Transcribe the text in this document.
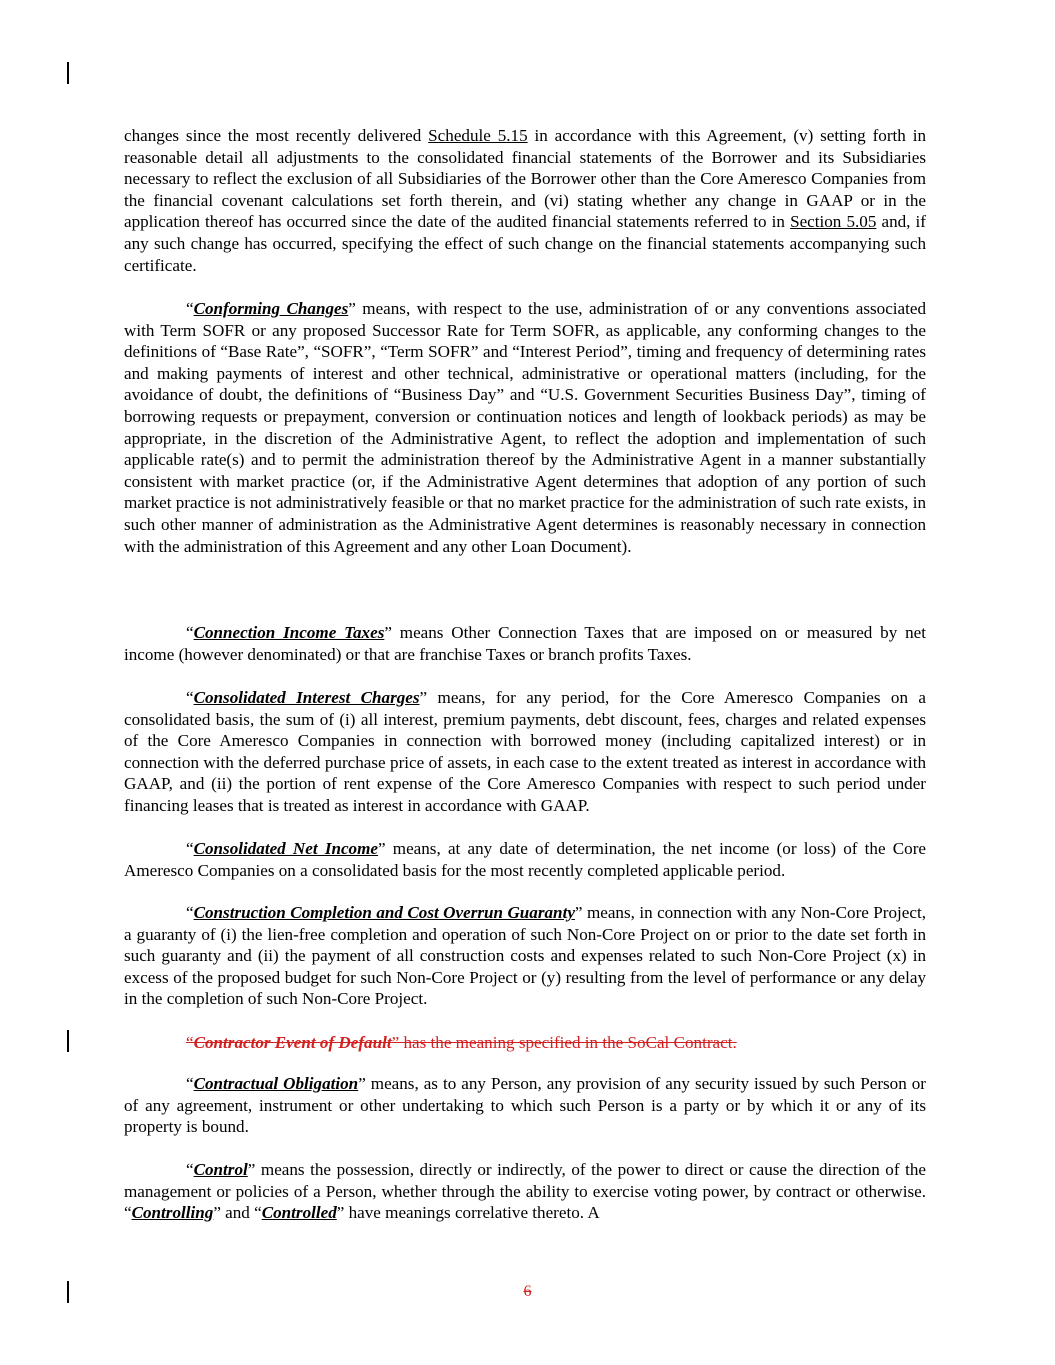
changes since the most recently delivered Schedule 5.15 in accordance with this Agreement, (v) setting forth in reasonable detail all adjustments to the consolidated financial statements of the Borrower and its Subsidiaries necessary to reflect the exclusion of all Subsidiaries of the Borrower other than the Core Ameresco Companies from the financial covenant calculations set forth therein, and (vi) stating whether any change in GAAP or in the application thereof has occurred since the date of the audited financial statements referred to in Section 5.05 and, if any such change has occurred, specifying the effect of such change on the financial statements accompanying such certificate.

“Conforming Changes” means, with respect to the use, administration of or any conventions associated with Term SOFR or any proposed Successor Rate for Term SOFR, as applicable, any conforming changes to the definitions of “Base Rate”, “SOFR”, “Term SOFR” and “Interest Period”, timing and frequency of determining rates and making payments of interest and other technical, administrative or operational matters (including, for the avoidance of doubt, the definitions of “Business Day” and “U.S. Government Securities Business Day”, timing of borrowing requests or prepayment, conversion or continuation notices and length of lookback periods) as may be appropriate, in the discretion of the Administrative Agent, to reflect the adoption and implementation of such applicable rate(s) and to permit the administration thereof by the Administrative Agent in a manner substantially consistent with market practice (or, if the Administrative Agent determines that adoption of any portion of such market practice is not administratively feasible or that no market practice for the administration of such rate exists, in such other manner of administration as the Administrative Agent determines is reasonably necessary in connection with the administration of this Agreement and any other Loan Document).

“Connection Income Taxes” means Other Connection Taxes that are imposed on or measured by net income (however denominated) or that are franchise Taxes or branch profits Taxes.

“Consolidated Interest Charges” means, for any period, for the Core Ameresco Companies on a consolidated basis, the sum of (i) all interest, premium payments, debt discount, fees, charges and related expenses of the Core Ameresco Companies in connection with borrowed money (including capitalized interest) or in connection with the deferred purchase price of assets, in each case to the extent treated as interest in accordance with GAAP, and (ii) the portion of rent expense of the Core Ameresco Companies with respect to such period under financing leases that is treated as interest in accordance with GAAP.

“Consolidated Net Income” means, at any date of determination, the net income (or loss) of the Core Ameresco Companies on a consolidated basis for the most recently completed applicable period.

“Construction Completion and Cost Overrun Guaranty” means, in connection with any Non-Core Project, a guaranty of (i) the lien-free completion and operation of such Non-Core Project on or prior to the date set forth in such guaranty and (ii) the payment of all construction costs and expenses related to such Non-Core Project (x) in excess of the proposed budget for such Non-Core Project or (y) resulting from the level of performance or any delay in the completion of such Non-Core Project.

“Contractor Event of Default” has the meaning specified in the SoCal Contract.

“Contractual Obligation” means, as to any Person, any provision of any security issued by such Person or of any agreement, instrument or other undertaking to which such Person is a party or by which it or any of its property is bound.

“Control” means the possession, directly or indirectly, of the power to direct or cause the direction of the management or policies of a Person, whether through the ability to exercise voting power, by contract or otherwise. “Controlling” and “Controlled” have meanings correlative thereto. A

6
